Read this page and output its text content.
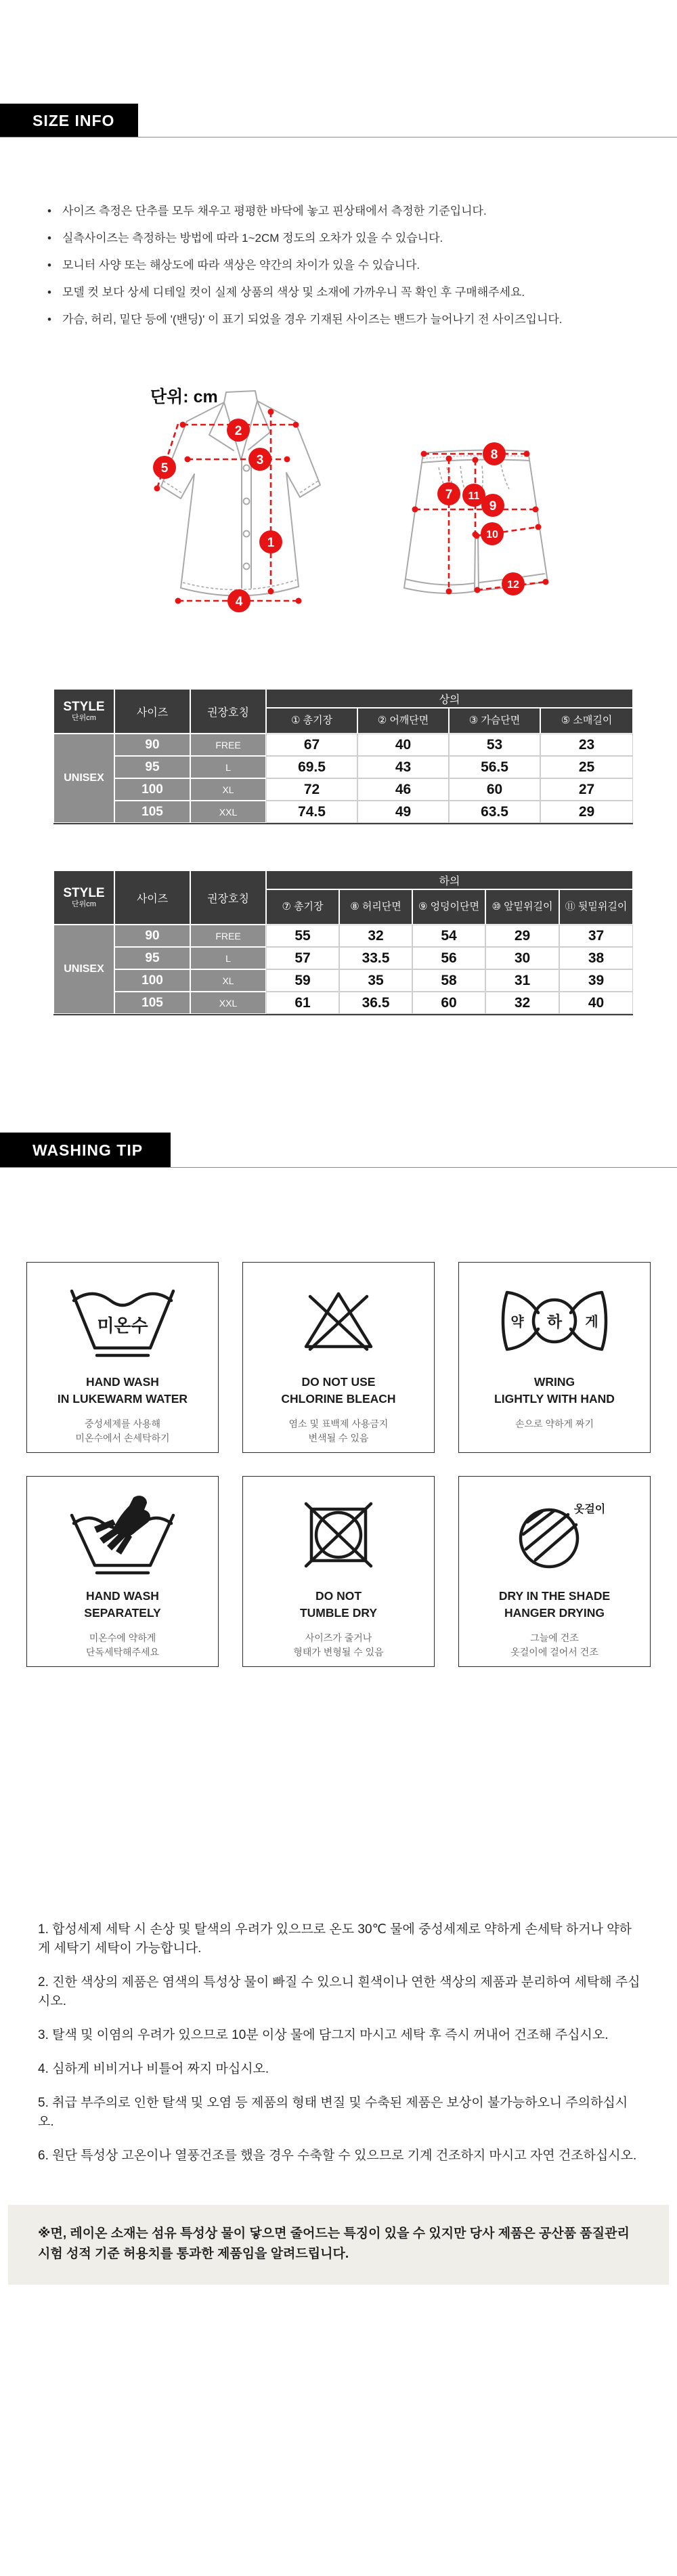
SIZE INFO
• 사이즈 측정은 단추를 모두 채우고 평평한 바닥에 놓고 핀상태에서 측정한 기준입니다.
• 실측사이즈는 측정하는 방법에 따라 1~2CM 정도의 오차가 있을 수 있습니다.
• 모니터 사양 또는 해상도에 따라 색상은 약간의 차이가 있을 수 있습니다.
• 모델 컷 보다 상세 디테일 컷이 실제 상품의 색상 및 소재에 가까우니 꼭 확인 후 구매해주세요.
• 가슴, 허리, 밑단 등에 '(밴딩)' 이 표기 되었을 경우 기재된 사이즈는 밴드가 늘어나기 전 사이즈입니다.
단위: cm
1
2
3
4
5
7
8
9
10
11
12
STYLE
단위cm	사이즈	권장호칭	상의			
			① 총기장	② 어깨단면	③ 가슴단면	⑤ 소매길이
UNISEX	90	FREE	67	40	53	23
	95	L	69.5	43	56.5	25
	100	XL	72	46	60	27
	105	XXL	74.5	49	63.5	29
STYLE
단위cm	사이즈	권장호칭	하의				
			⑦ 총기장	⑧ 허리단면	⑨ 엉덩이단면	⑩ 앞밑위길이	⑪ 뒷밑위길이
UNISEX	90	FREE	55	32	54	29	37
	95	L	57	33.5	56	30	38
	100	XL	59	35	58	31	39
	105	XXL	61	36.5	60	32	40
WASHING TIP
미온수
HAND WASH
IN LUKEWARM WATER
중성세제를 사용해
미온수에서 손세탁하기
DO NOT USE
CHLORINE BLEACH
염소 및 표백제 사용금지
변색될 수 있음
약 하 게
WRING
LIGHTLY WITH HAND
손으로 약하게 짜기
HAND WASH
SEPARATELY
미온수에 약하게
단독세탁해주세요
DO NOT
TUMBLE DRY
사이즈가 줄거나
형태가 변형될 수 있음
옷걸이
DRY IN THE SHADE
HANGER DRYING
그늘에 건조
옷걸이에 걸어서 건조

1. 합성세제 세탁 시 손상 및 탈색의 우려가 있으므로 온도 30℃ 물에 중성세제로 약하게 손세탁 하거나 약하게 세탁기 세탁이 가능합니다.

2. 진한 색상의 제품은 염색의 특성상 물이 빠질 수 있으니 흰색이나 연한 색상의 제품과 분리하여 세탁해 주십시오.

3. 탈색 및 이염의 우려가 있으므로 10분 이상 물에 담그지 마시고 세탁 후 즉시 꺼내어 건조해 주십시오.

4. 심하게 비비거나 비틀어 짜지 마십시오.

5. 취급 부주의로 인한 탈색 및 오염 등 제품의 형태 변질 및 수축된 제품은 보상이 불가능하오니 주의하십시오.

6. 원단 특성상 고온이나 열풍건조를 했을 경우 수축할 수 있으므로 기계 건조하지 마시고 자연 건조하십시오.

※면, 레이온 소재는 섬유 특성상 물이 닿으면 줄어드는 특징이 있을 수 있지만 당사 제품은 공산품 품질관리 시험 성적 기준 허용치를 통과한 제품임을 알려드립니다.
